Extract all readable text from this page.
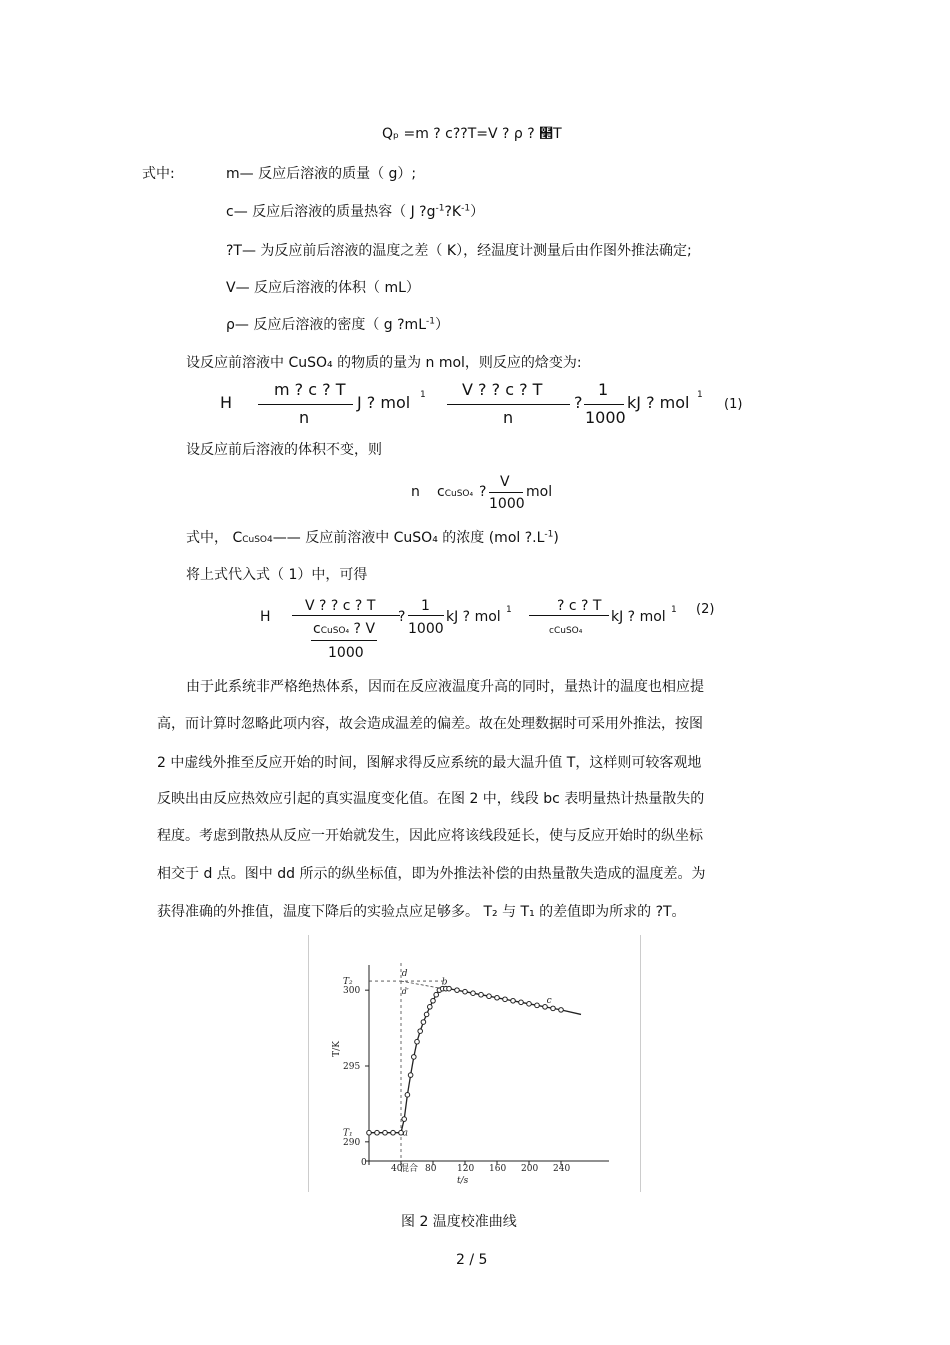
Qₚ =m ? c??T=V ? ρ ? ໢T
式中:	m— 反应后溶液的质量（ g）;
c— 反应后溶液的质量热容（ J $?g^{-1}?K^{-1}$）
?T— 为反应前后溶液的温度之差（ K），经温度计测量后由作图外推法确定;
V— 反应后溶液的体积（ mL）
ρ— 反应后溶液的密度（ g $?mL^{-1}$）
设反应前溶液中 CuSO₄ 的物质的量为 n mol，则反应的焓变为:
H
m ? c ? T
n
J ? mol 1 V ? ? c ? T
n
?
1
1000
kJ ? mol 1
(1)
设反应前后溶液的体积不变，则
n cCuSO₄ ?
V
1000
mol
式中， CCuSO4—— 反应前溶液中 CuSO₄ 的浓度 (mol $?.L^{-1}$)
将上式代入式（ 1）中，可得
H
V ? ? c ? T
cCuSO₄ ? V
1000
?
1
1000
kJ ? mol 1	? c ? T
cCuSO₄
kJ ? mol 1 (2)
由于此系统非严格绝热体系，因而在反应液温度升高的同时，量热计的温度也相应提
高，而计算时忽略此项内容，故会造成温差的偏差。故在处理数据时可采用外推法，按图
2 中虚线外推至反应开始的时间，图解求得反应系统的最大温升值 T，这样则可较客观地
反映出由反应热效应引起的真实温度变化值。在图 2 中，线段 bc 表明量热计热量散失的
程度。考虑到散热从反应一开始就发生，因此应将该线段延长，使与反应开始时的纵坐标
相交于 d 点。图中 dd 所示的纵坐标值，即为外推法补偿的由热量散失造成的温度差。为
获得准确的外推值，温度下降后的实验点应足够多。 T₂ 与 T₁ 的差值即为所求的 ?T。
300
295
290
T₂
T₁
T/K
0
40
混合 80 120 160 200 240
t/s
a
b
c
d
d′
图 2 温度校准曲线
2 / 5
